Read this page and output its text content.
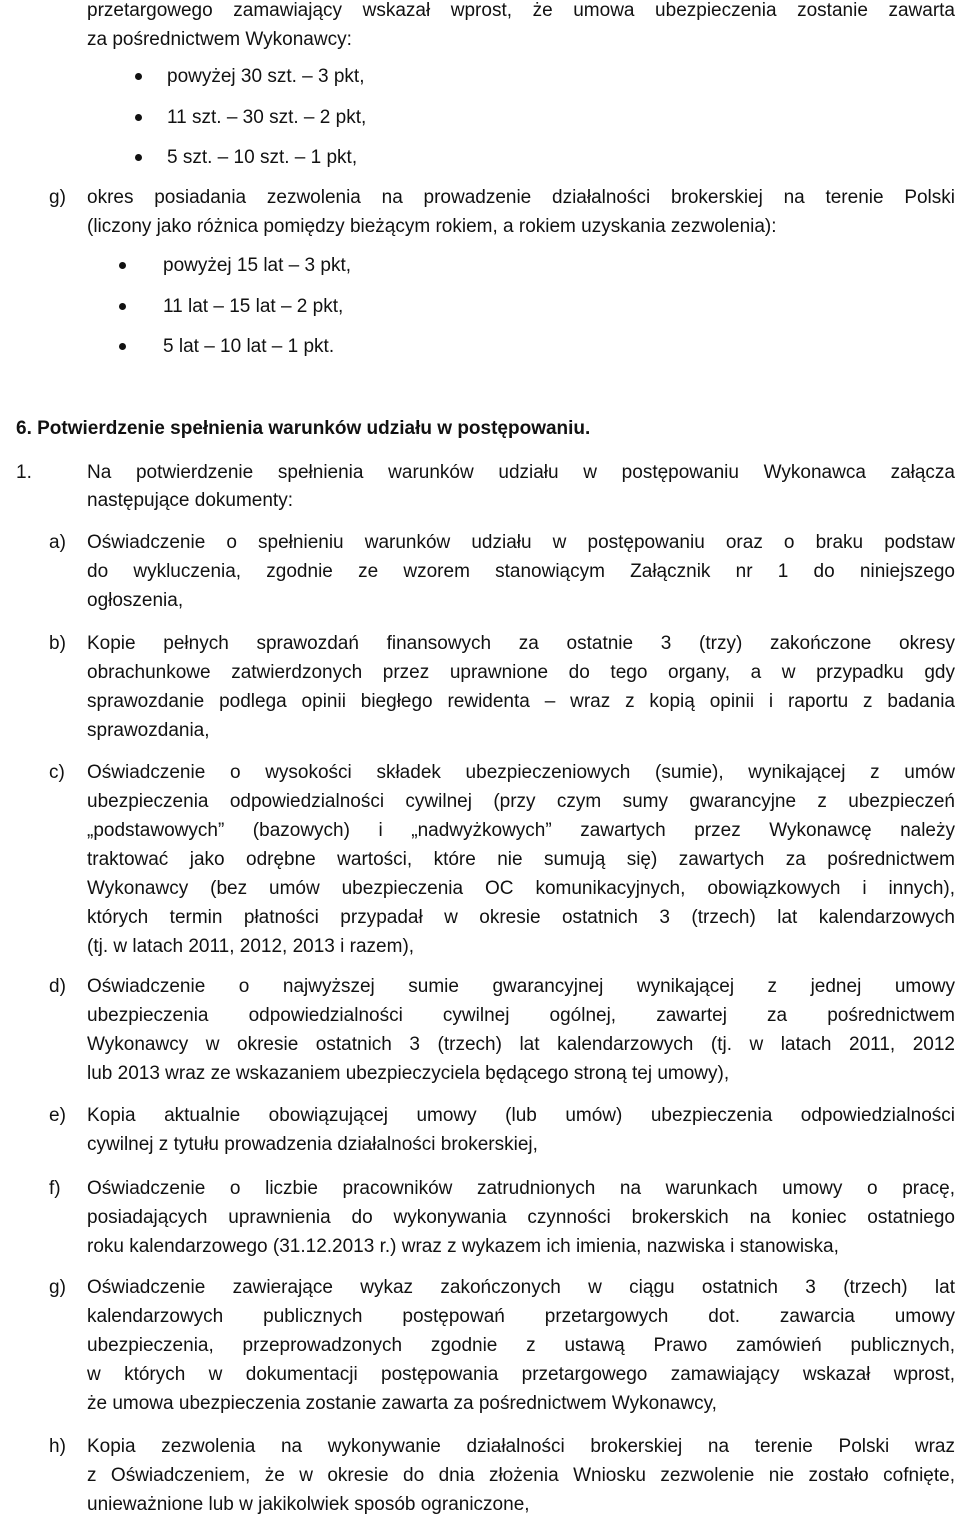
przetargowego zamawiający wskazał wprost, że umowa ubezpieczenia zostanie zawarta
za pośrednictwem Wykonawcy:
powyżej 30 szt. – 3 pkt,
11 szt. – 30 szt. – 2 pkt,
5 szt. – 10 szt. – 1 pkt,
g) okres posiadania zezwolenia na prowadzenie działalności brokerskiej na terenie Polski
(liczony jako różnica pomiędzy bieżącym rokiem, a rokiem uzyskania zezwolenia):
powyżej 15 lat – 3 pkt,
11 lat – 15 lat – 2 pkt,
5 lat – 10 lat – 1 pkt.
6. Potwierdzenie spełnienia warunków udziału w postępowaniu.
1.	Na potwierdzenie spełnienia warunków udziału w postępowaniu Wykonawca załącza
następujące dokumenty:
a) Oświadczenie o spełnieniu warunków udziału w postępowaniu oraz o braku podstaw
do wykluczenia, zgodnie ze wzorem stanowiącym Załącznik nr 1 do niniejszego
ogłoszenia,
b) Kopie pełnych sprawozdań finansowych za ostatnie 3 (trzy) zakończone okresy
obrachunkowe zatwierdzonych przez uprawnione do tego organy, a w przypadku gdy
sprawozdanie podlega opinii biegłego rewidenta – wraz z kopią opinii i raportu z badania
sprawozdania,
c) Oświadczenie o wysokości składek ubezpieczeniowych (sumie), wynikającej z umów
ubezpieczenia odpowiedzialności cywilnej (przy czym sumy gwarancyjne z ubezpieczeń
„podstawowych” (bazowych) i „nadwyżkowych” zawartych przez Wykonawcę należy
traktować jako odrębne wartości, które nie sumują się) zawartych za pośrednictwem
Wykonawcy (bez umów ubezpieczenia OC komunikacyjnych, obowiązkowych i innych),
których termin płatności przypadał w okresie ostatnich 3 (trzech) lat kalendarzowych
(tj. w latach 2011, 2012, 2013 i razem),
d) Oświadczenie o najwyższej sumie gwarancyjnej wynikającej z jednej umowy
ubezpieczenia odpowiedzialności cywilnej ogólnej, zawartej za pośrednictwem
Wykonawcy w okresie ostatnich 3 (trzech) lat kalendarzowych (tj. w latach 2011, 2012
lub 2013 wraz ze wskazaniem ubezpieczyciela będącego stroną tej umowy),
e) Kopia aktualnie obowiązującej umowy (lub umów) ubezpieczenia odpowiedzialności
cywilnej z tytułu prowadzenia działalności brokerskiej,
f) Oświadczenie o liczbie pracowników zatrudnionych na warunkach umowy o pracę,
posiadających uprawnienia do wykonywania czynności brokerskich na koniec ostatniego
roku kalendarzowego (31.12.2013 r.) wraz z wykazem ich imienia, nazwiska i stanowiska,
g) Oświadczenie zawierające wykaz zakończonych w ciągu ostatnich 3 (trzech) lat
kalendarzowych publicznych postępowań przetargowych dot. zawarcia umowy
ubezpieczenia, przeprowadzonych zgodnie z ustawą Prawo zamówień publicznych,
w których w dokumentacji postępowania przetargowego zamawiający wskazał wprost,
że umowa ubezpieczenia zostanie zawarta za pośrednictwem Wykonawcy,
h) Kopia zezwolenia na wykonywanie działalności brokerskiej na terenie Polski wraz
z Oświadczeniem, że w okresie do dnia złożenia Wniosku zezwolenie nie zostało cofnięte,
unieważnione lub w jakikolwiek sposób ograniczone,
